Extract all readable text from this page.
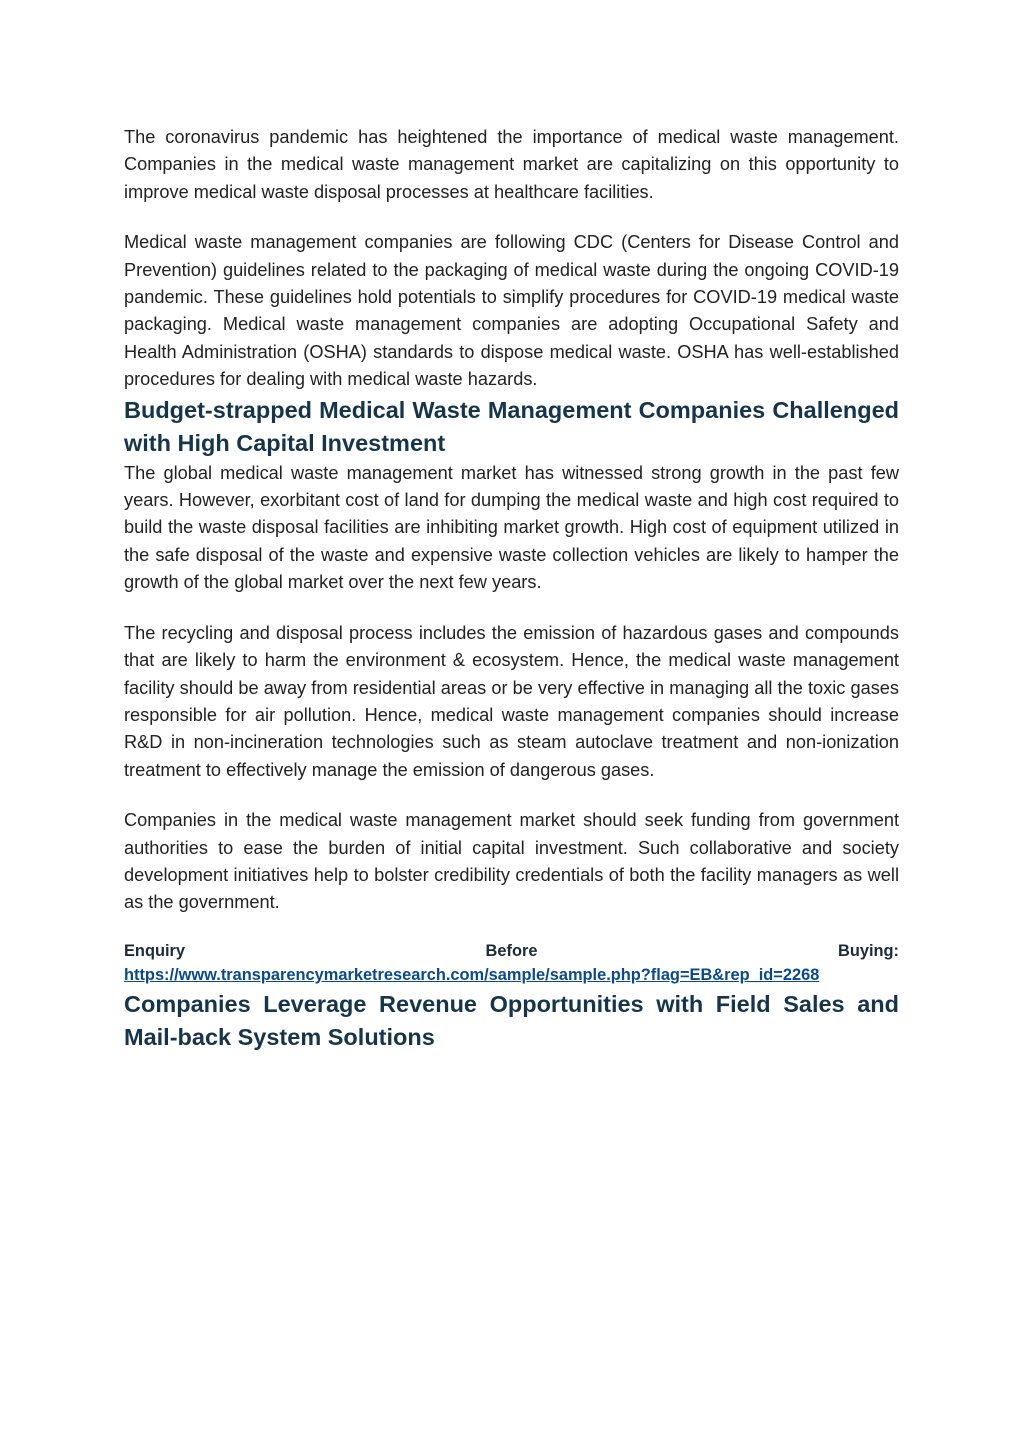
The coronavirus pandemic has heightened the importance of medical waste management. Companies in the medical waste management market are capitalizing on this opportunity to improve medical waste disposal processes at healthcare facilities.

Medical waste management companies are following CDC (Centers for Disease Control and Prevention) guidelines related to the packaging of medical waste during the ongoing COVID-19 pandemic. These guidelines hold potentials to simplify procedures for COVID-19 medical waste packaging. Medical waste management companies are adopting Occupational Safety and Health Administration (OSHA) standards to dispose medical waste. OSHA has well-established procedures for dealing with medical waste hazards.

Budget-strapped Medical Waste Management Companies Challenged with High Capital Investment

The global medical waste management market has witnessed strong growth in the past few years. However, exorbitant cost of land for dumping the medical waste and high cost required to build the waste disposal facilities are inhibiting market growth. High cost of equipment utilized in the safe disposal of the waste and expensive waste collection vehicles are likely to hamper the growth of the global market over the next few years.

The recycling and disposal process includes the emission of hazardous gases and compounds that are likely to harm the environment & ecosystem. Hence, the medical waste management facility should be away from residential areas or be very effective in managing all the toxic gases responsible for air pollution. Hence, medical waste management companies should increase R&D in non-incineration technologies such as steam autoclave treatment and non-ionization treatment to effectively manage the emission of dangerous gases.

Companies in the medical waste management market should seek funding from government authorities to ease the burden of initial capital investment. Such collaborative and society development initiatives help to bolster credibility credentials of both the facility managers as well as the government.

Enquiry	Before	Buying:
https://www.transparencymarketresearch.com/sample/sample.php?flag=EB&rep_id=2268
Companies Leverage Revenue Opportunities with Field Sales and Mail-back System Solutions
